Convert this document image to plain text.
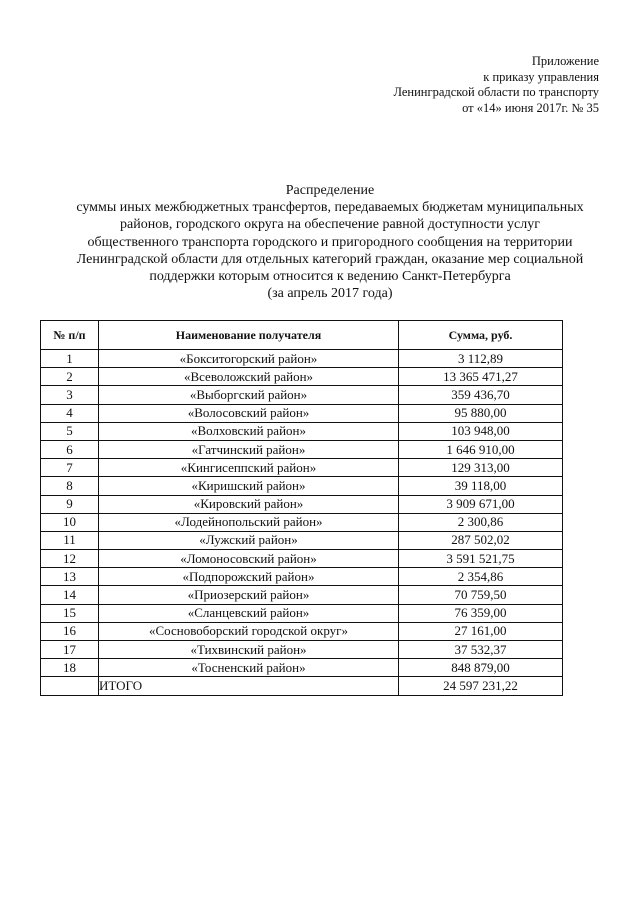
Приложение
к приказу управления
Ленинградской области по транспорту
от «14» июня 2017г. № 35
Распределение
суммы иных межбюджетных трансфертов, передаваемых бюджетам муниципальных
районов, городского округа на обеспечение равной доступности услуг
общественного транспорта городского и пригородного сообщения на территории
Ленинградской области для отдельных категорий граждан, оказание мер социальной
поддержки которым относится к ведению Санкт-Петербурга
(за апрель 2017 года)
№ п/п	Наименование получателя	Сумма, руб.
1	«Бокситогорский район»	3 112,89
2	«Всеволожский район»	13 365 471,27
3	«Выборгский район»	359 436,70
4	«Волосовский район»	95 880,00
5	«Волховский район»	103 948,00
6	«Гатчинский район»	1 646 910,00
7	«Кингисеппский район»	129 313,00
8	«Киришский район»	39 118,00
9	«Кировский район»	3 909 671,00
10	«Лодейнопольский район»	2 300,86
11	«Лужский район»	287 502,02
12	«Ломоносовский район»	3 591 521,75
13	«Подпорожский район»	2 354,86
14	«Приозерский район»	70 759,50
15	«Сланцевский район»	76 359,00
16	«Сосновоборский городской округ»	27 161,00
17	«Тихвинский район»	37 532,37
18	«Тосненский район»	848 879,00
	ИТОГО	24 597 231,22
